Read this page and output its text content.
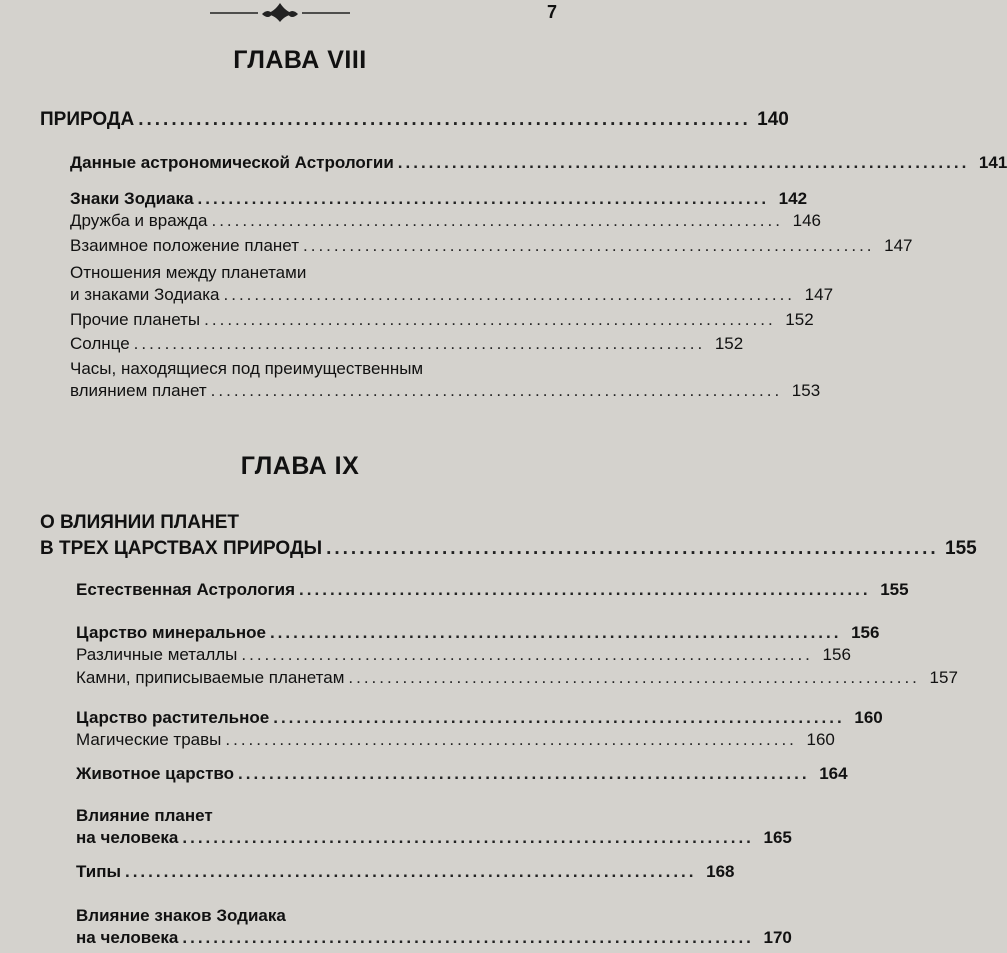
7
ГЛАВА VIII
ПРИРОДА .......................................................................... 140
Данные астрономической Астрологии .......................................................................... 141
Знаки Зодиака .......................................................................... 142
Дружба и вражда .......................................................................... 146
Взаимное положение планет .......................................................................... 147
Отношения между планетами
и знаками Зодиака .......................................................................... 147
Прочие планеты .......................................................................... 152
Солнце .......................................................................... 152
Часы, находящиеся под преимущественным
влиянием планет .......................................................................... 153
ГЛАВА IX
О ВЛИЯНИИ ПЛАНЕТ
В ТРЕХ ЦАРСТВАХ ПРИРОДЫ .......................................................................... 155
Естественная Астрология .......................................................................... 155
Царство минеральное .......................................................................... 156
Различные металлы .......................................................................... 156
Камни, приписываемые планетам .......................................................................... 157
Царство растительное .......................................................................... 160
Магические травы .......................................................................... 160
Животное царство .......................................................................... 164
Влияние планет
на человека .......................................................................... 165
Типы .......................................................................... 168
Влияние знаков Зодиака
на человека .......................................................................... 170
